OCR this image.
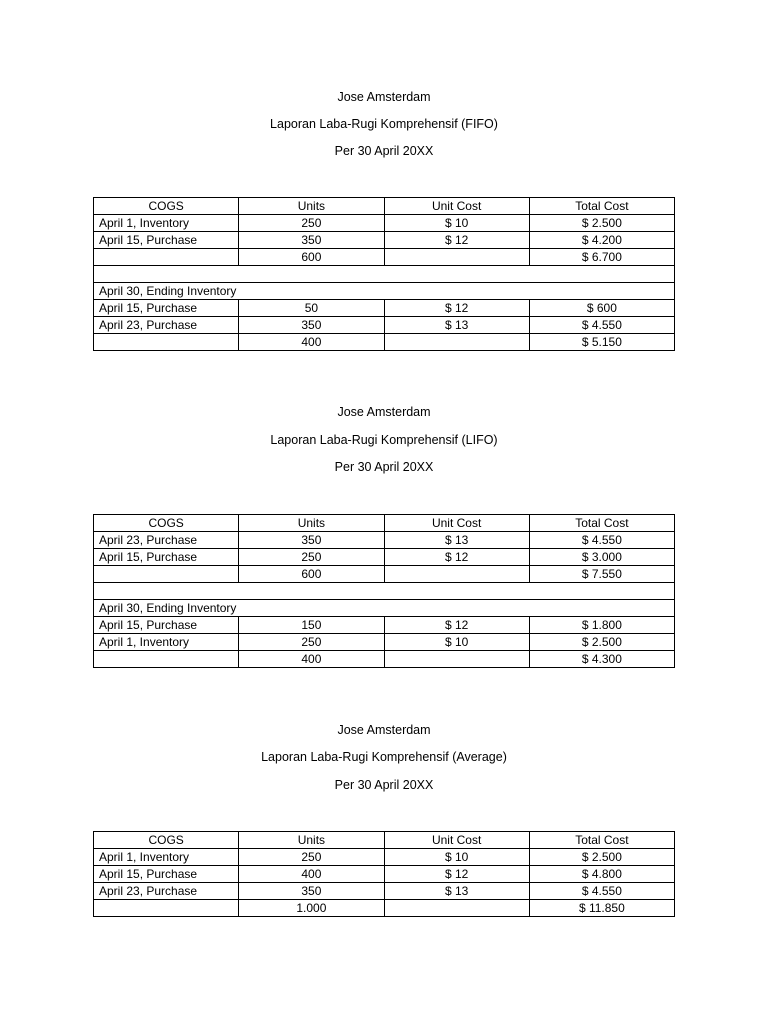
Jose Amsterdam
Laporan Laba-Rugi Komprehensif (FIFO)
Per 30 April 20XX
COGS	Units	Unit Cost	Total Cost
April 1, Inventory	250	$ 10	$ 2.500
April 15, Purchase	350	$ 12	$ 4.200
	600		$ 6.700

April 30, Ending Inventory			
April 15, Purchase	50	$ 12	$ 600
April 23, Purchase	350	$ 13	$ 4.550
	400		$ 5.150
Jose Amsterdam
Laporan Laba-Rugi Komprehensif (LIFO)
Per 30 April 20XX
COGS	Units	Unit Cost	Total Cost
April 23, Purchase	350	$ 13	$ 4.550
April 15, Purchase	250	$ 12	$ 3.000
	600		$ 7.550

April 30, Ending Inventory			
April 15, Purchase	150	$ 12	$ 1.800
April 1, Inventory	250	$ 10	$ 2.500
	400		$ 4.300
Jose Amsterdam
Laporan Laba-Rugi Komprehensif (Average)
Per 30 April 20XX
COGS	Units	Unit Cost	Total Cost
April 1, Inventory	250	$ 10	$ 2.500
April 15, Purchase	400	$ 12	$ 4.800
April 23, Purchase	350	$ 13	$ 4.550
	1.000		$ 11.850
